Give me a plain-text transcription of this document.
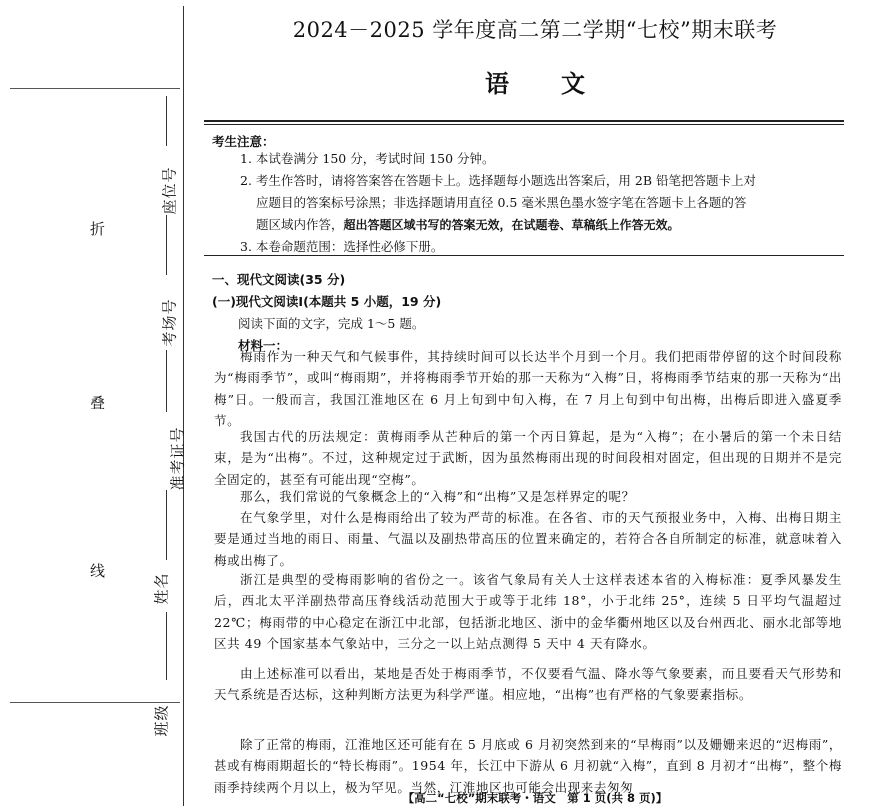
座位号
考场号
准考证号
姓名
班级
折
叠
线
2024－2025 学年度高二第二学期“七校”期末联考
语文
考生注意：
1. 本试卷满分 150 分，考试时间 150 分钟。
2. 考生作答时，请将答案答在答题卡上。选择题每小题选出答案后，用 2B 铅笔把答题卡上对
应题目的答案标号涂黑；非选择题请用直径 0.5 毫米黑色墨水签字笔在答题卡上各题的答
题区域内作答，超出答题区域书写的答案无效，在试题卷、草稿纸上作答无效。
3. 本卷命题范围：选择性必修下册。
一、现代文阅读(35 分)
(一)现代文阅读Ⅰ(本题共 5 小题，19 分)
阅读下面的文字，完成 1～5 题。
材料一：

梅雨作为一种天气和气候事件，其持续时间可以长达半个月到一个月。我们把雨带停留的这个时间段称为“梅雨季节”，或叫“梅雨期”，并将梅雨季节开始的那一天称为“入梅”日，将梅雨季节结束的那一天称为“出梅”日。一般而言，我国江淮地区在 6 月上旬到中旬入梅，在 7 月上旬到中旬出梅，出梅后即进入盛夏季节。

我国古代的历法规定：黄梅雨季从芒种后的第一个丙日算起，是为“入梅”；在小暑后的第一个未日结束，是为“出梅”。不过，这种规定过于武断，因为虽然梅雨出现的时间段相对固定，但出现的日期并不是完全固定的，甚至有可能出现“空梅”。

那么，我们常说的气象概念上的“入梅”和“出梅”又是怎样界定的呢？

在气象学里，对什么是梅雨给出了较为严苛的标准。在各省、市的天气预报业务中，入梅、出梅日期主要是通过当地的雨日、雨量、气温以及副热带高压的位置来确定的，若符合各自所制定的标准，就意味着入梅或出梅了。

浙江是典型的受梅雨影响的省份之一。该省气象局有关人士这样表述本省的入梅标准：夏季风暴发生后，西北太平洋副热带高压脊线活动范围大于或等于北纬 18°，小于北纬 25°，连续 5 日平均气温超过 22℃；梅雨带的中心稳定在浙江中北部，包括浙北地区、浙中的金华衢州地区以及台州西北、丽水北部等地区共 49 个国家基本气象站中，三分之一以上站点测得 5 天中 4 天有降水。

由上述标准可以看出，某地是否处于梅雨季节，不仅要看气温、降水等气象要素，而且要看天气形势和天气系统是否达标，这种判断方法更为科学严谨。相应地，“出梅”也有严格的气象要素指标。

除了正常的梅雨，江淮地区还可能有在 5 月底或 6 月初突然到来的“早梅雨”以及姗姗来迟的“迟梅雨”，甚或有梅雨期超长的“特长梅雨”。1954 年，长江中下游从 6 月初就“入梅”，直到 8 月初才“出梅”，整个梅雨季持续两个月以上，极为罕见。当然，江淮地区也可能会出现来去匆匆

【高二“七校”期末联考・语文　第 1 页(共 8 页)】
